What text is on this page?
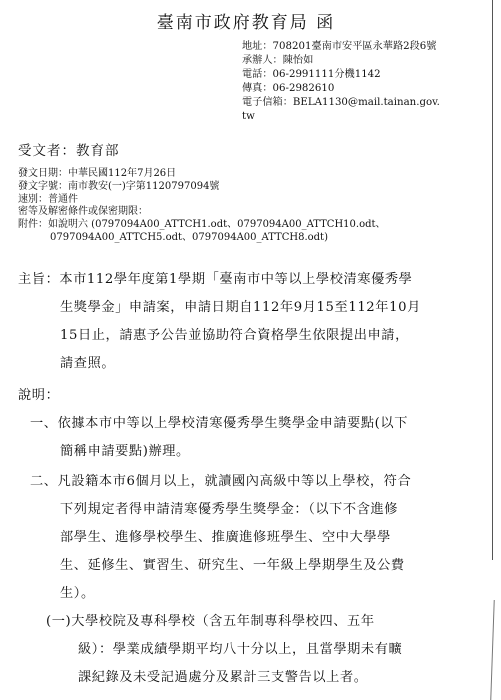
臺南市政府教育局 函
地址：708201臺南市安平區永華路2段6號
承辦人：陳怡如
電話：06-2991111分機1142
傳真：06-2982610
電子信箱：BELA1130@mail.tainan.gov.
tw
受文者：教育部
發文日期：中華民國112年7月26日
發文字號：南市教安(一)字第1120797094號
速別：普通件
密等及解密條件或保密期限：
附件：如說明六 (0797094A00_ATTCH1.odt、0797094A00_ATTCH10.odt、
0797094A00_ATTCH5.odt、0797094A00_ATTCH8.odt)
主旨：本市112學年度第1學期「臺南市中等以上學校清寒優秀學
生獎學金」申請案，申請日期自112年9月15至112年10月
15日止，請惠予公告並協助符合資格學生依限提出申請，
請查照。
說明：
一、依據本市中等以上學校清寒優秀學生獎學金申請要點(以下
簡稱申請要點)辦理。
二、凡設籍本市6個月以上，就讀國內高級中等以上學校，符合
下列規定者得申請清寒優秀學生獎學金：（以下不含進修
部學生、進修學校學生、推廣進修班學生、空中大學學
生、延修生、實習生、研究生、一年級上學期學生及公費
生）。
(一)大學校院及專科學校（含五年制專科學校四、五年
級）：學業成績學期平均八十分以上，且當學期未有曠
課紀錄及未受記過處分及累計三支警告以上者。
